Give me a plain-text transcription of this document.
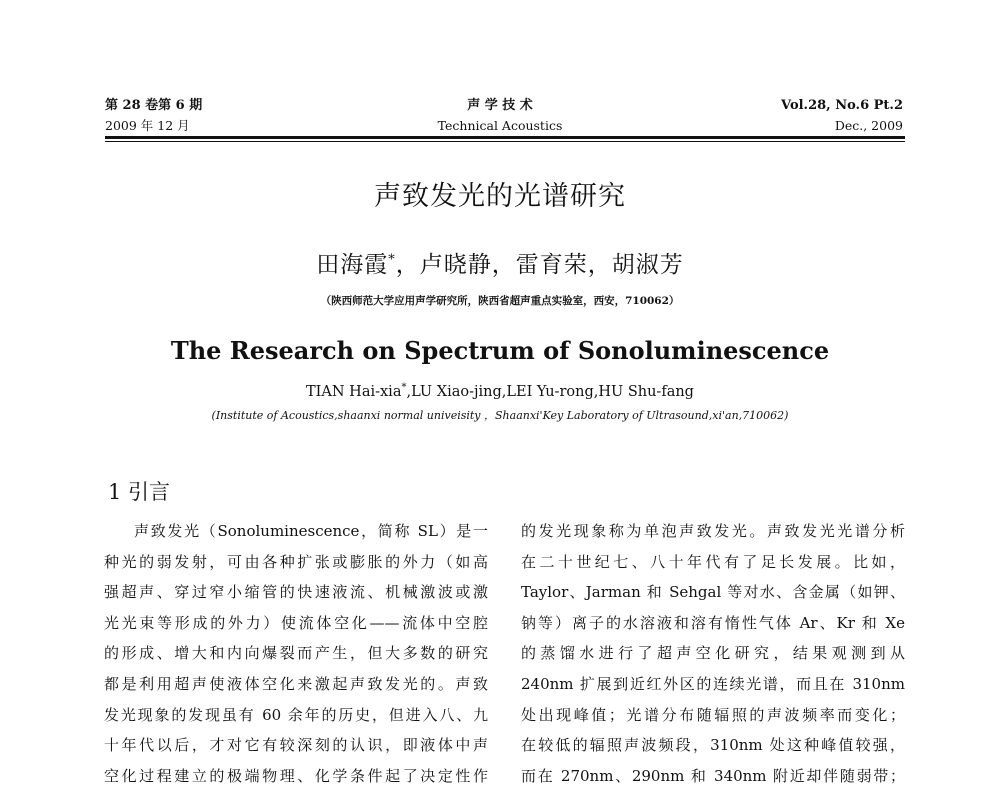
第 28 卷第 6 期
2009 年 12 月
声 学 技 术
Technical Acoustics
Vol.28, No.6 Pt.2
Dec., 2009
声致发光的光谱研究
田海霞*，卢晓静，雷育荣，胡淑芳
（陕西师范大学应用声学研究所，陕西省超声重点实验室，西安，710062）
The Research on Spectrum of Sonoluminescence
TIAN Hai-xia*,LU Xiao-jing,LEI Yu-rong,HU Shu-fang
(Institute of Acoustics,shaanxi normal univeisity ，Shaanxi'Key Laboratory of Ultrasound,xi'an,710062)
1 引言
声致发光（Sonoluminescence，简称 SL）是一
种光的弱发射，可由各种扩张或膨胀的外力（如高
强超声、穿过窄小缩管的快速液流、机械激波或激
光光束等形成的外力）使流体空化——流体中空腔
的形成、增大和内向爆裂而产生，但大多数的研究
都是利用超声使液体空化来激起声致发光的。声致
发光现象的发现虽有 60 余年的历史，但进入八、九
十年代以后，才对它有较深刻的认识，即液体中声
空化过程建立的极端物理、化学条件起了决定性作
的发光现象称为单泡声致发光。声致发光光谱分析
在二十世纪七、八十年代有了足长发展。比如，
Taylor、Jarman 和 Sehgal 等对水、含金属（如钾、
钠等）离子的水溶液和溶有惰性气体 Ar、Kr 和 Xe
的蒸馏水进行了超声空化研究，结果观测到从
240nm 扩展到近红外区的连续光谱，而且在 310nm
处出现峰值；光谱分布随辐照的声波频率而变化；
在较低的辐照声波频段，310nm 处这种峰值较强，
而在 270nm、290nm 和 340nm 附近却伴随弱带；
